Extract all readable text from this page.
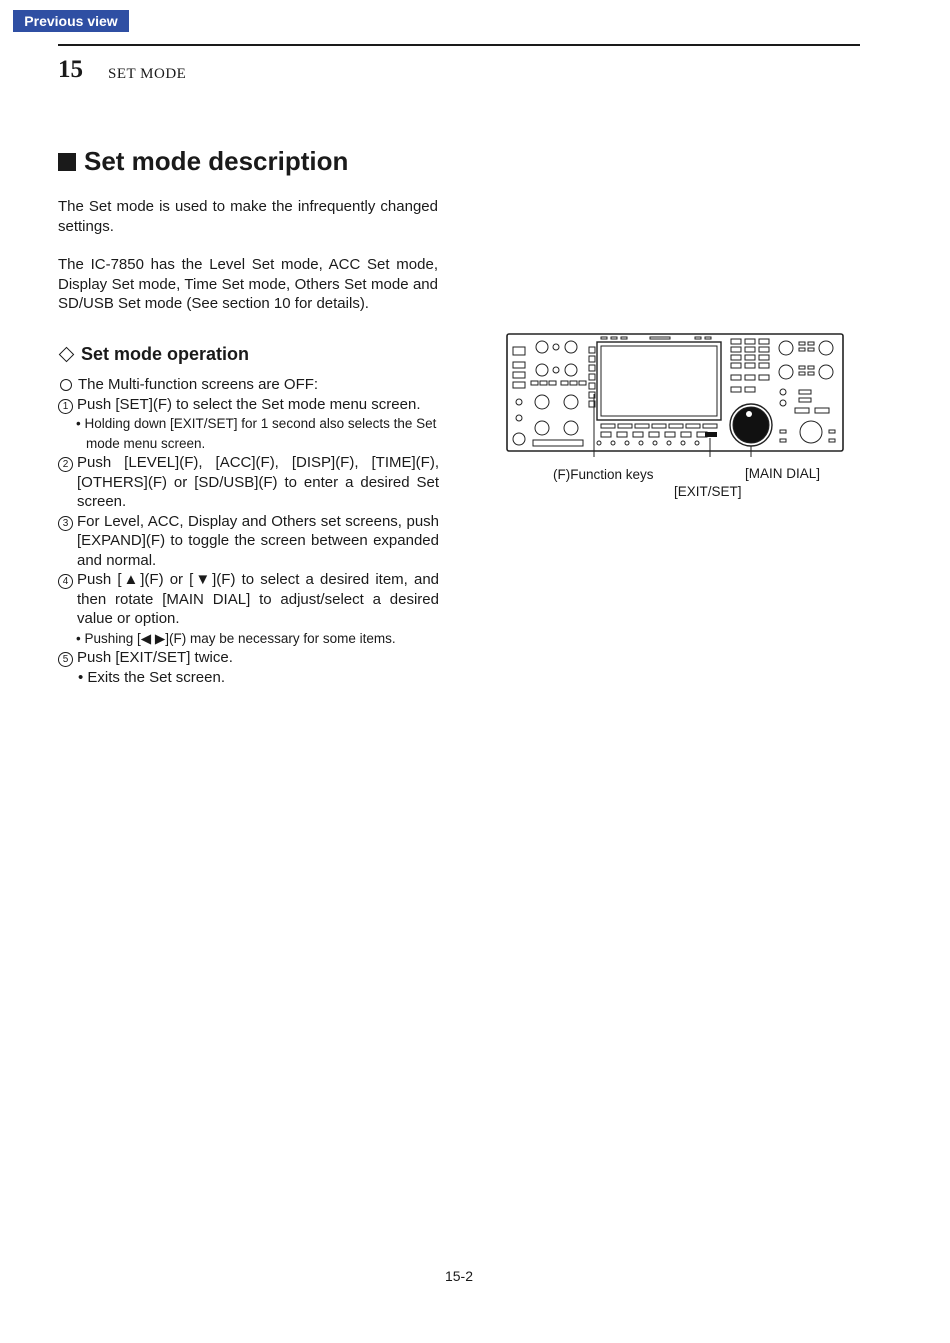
Previous view
15 SET MODE
Set mode description
The Set mode is used to make the infrequently changed settings.
The IC-7850 has the Level Set mode, ACC Set mode, Display Set mode, Time Set mode, Others Set mode and SD/USB Set mode (See section 10 for details).
Set mode operation
The Multi-function screens are OFF:
1 Push [SET](F) to select the Set mode menu screen.
• Holding down [EXIT/SET] for 1 second also selects the Set mode menu screen.
2 Push [LEVEL](F), [ACC](F), [DISP](F), [TIME](F), [OTHERS](F) or [SD/USB](F) to enter a desired Set screen.
3 For Level, ACC, Display and Others set screens, push [EXPAND](F) to toggle the screen between expanded and normal.
4 Push [▲](F) or [▼](F) to select a desired item, and then rotate [MAIN DIAL] to adjust/select a desired value or option.
• Pushing [◀ ▶](F) may be necessary for some items.
5 Push [EXIT/SET] twice.
• Exits the Set screen.
(F)Function keys	[MAIN DIAL]
[EXIT/SET]
15-2
